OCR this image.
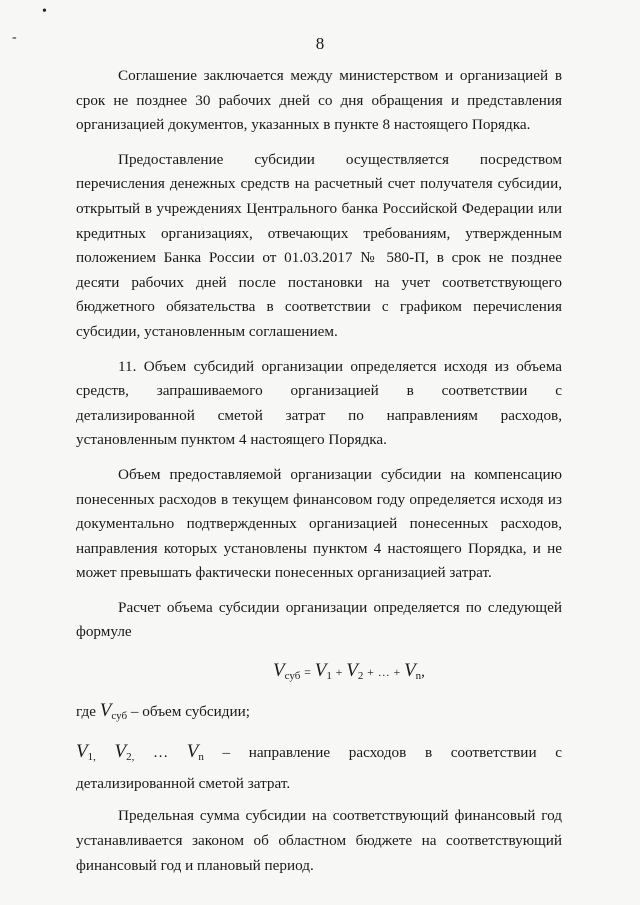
•
-	8

Соглашение заключается между министерством и организацией в срок не позднее 30 рабочих дней со дня обращения и представления организацией документов, указанных в пункте 8 настоящего Порядка.

Предоставление субсидии осуществляется посредством перечисления денежных средств на расчетный счет получателя субсидии, открытый в учреждениях Центрального банка Российской Федерации или кредитных организациях, отвечающих требованиям, утвержденным положением Банка России от 01.03.2017 № 580-П, в срок не позднее десяти рабочих дней после постановки на учет соответствующего бюджетного обязательства в соответствии с графиком перечисления субсидии, установленным соглашением.

11. Объем субсидий организации определяется исходя из объема средств, запрашиваемого организацией в соответствии с детализированной сметой затрат по направлениям расходов, установленным пунктом 4 настоящего Порядка.

Объем предоставляемой организации субсидии на компенсацию понесенных расходов в текущем финансовом году определяется исходя из документально подтвержденных организацией понесенных расходов, направления которых установлены пунктом 4 настоящего Порядка, и не может превышать фактически понесенных организацией затрат.

Расчет объема субсидии организации определяется по следующей формуле

$V_{суб} = V_1 + V_2$ + … + $V_n$,

где $V_{суб}$ – объем субсидии;

$V_{1,}$ $V_{2,}$ … $V_n$ – направление расходов в соответствии с
детализированной сметой затрат.

Предельная сумма субсидии на соответствующий финансовый год устанавливается законом об областном бюджете на соответствующий финансовый год и плановый период.
